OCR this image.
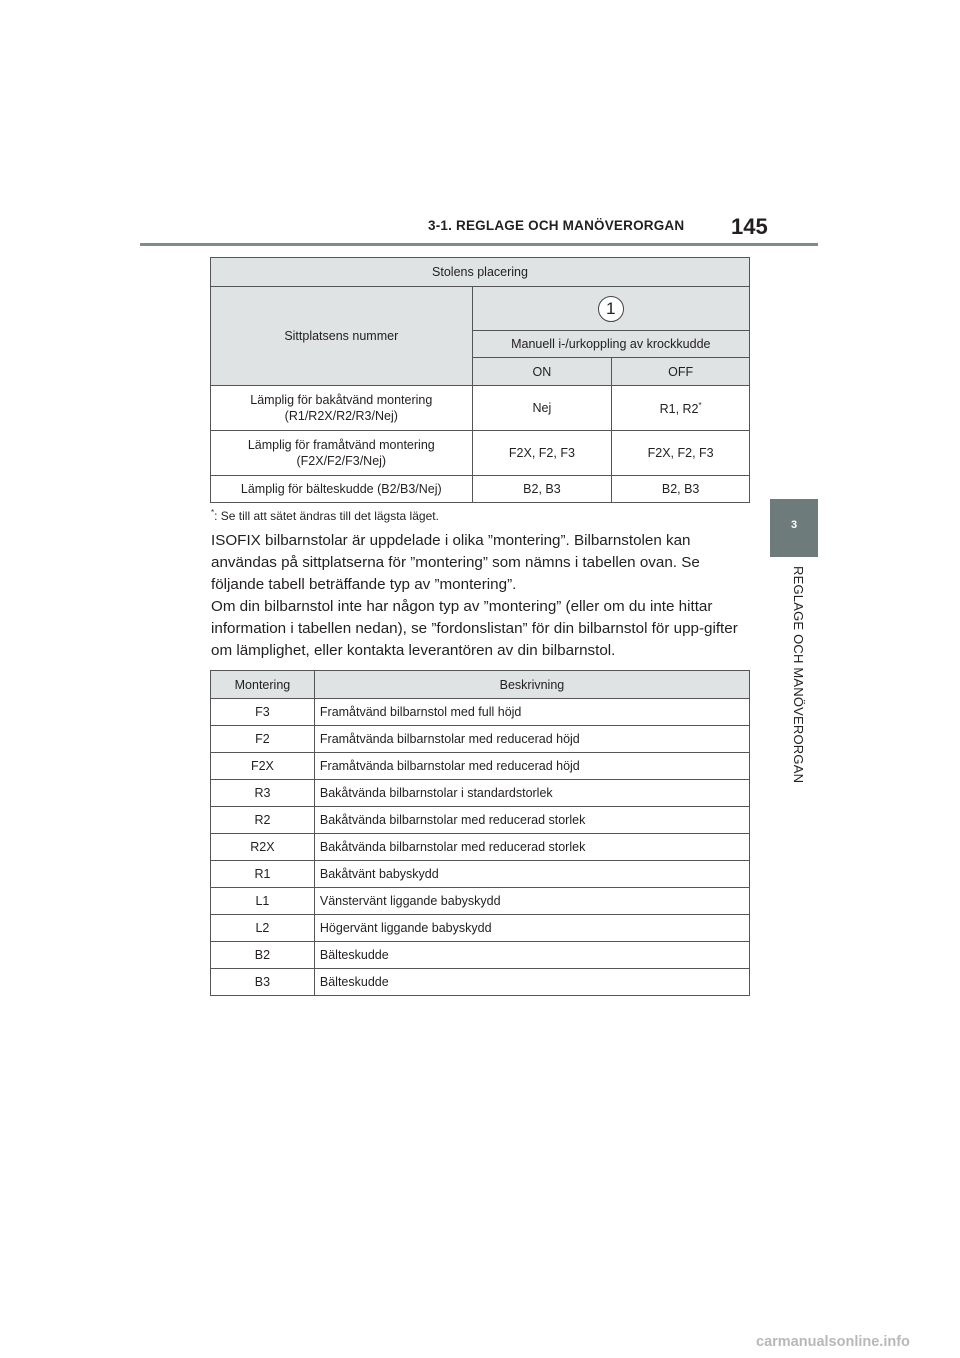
3-1. REGLAGE OCH MANÖVERORGAN 145
3
REGLAGE OCH MANÖVERORGAN
Stolens placering		
Sittplatsens nummer	1	
	Manuell i-/urkoppling av krockkudde	
	ON	OFF
Lämplig för bakåtvänd montering
(R1/R2X/R2/R3/Nej)	Nej	R1, R2*
Lämplig för framåtvänd montering
(F2X/F2/F3/Nej)	F2X, F2, F3	F2X, F2, F3
Lämplig för bälteskudde (B2/B3/Nej)	B2, B3	B2, B3
*: Se till att sätet ändras till det lägsta läget.

ISOFIX bilbarnstolar är uppdelade i olika ”montering”. Bilbarnstolen kan användas på sittplatserna för ”montering” som nämns i tabellen ovan. Se följande tabell beträffande typ av ”montering”.

Om din bilbarnstol inte har någon typ av ”montering” (eller om du inte hittar information i tabellen nedan), se ”fordonslistan” för din bilbarnstol för upp-gifter om lämplighet, eller kontakta leverantören av din bilbarnstol.

Montering	Beskrivning
F3	Framåtvänd bilbarnstol med full höjd
F2	Framåtvända bilbarnstolar med reducerad höjd
F2X	Framåtvända bilbarnstolar med reducerad höjd
R3	Bakåtvända bilbarnstolar i standardstorlek
R2	Bakåtvända bilbarnstolar med reducerad storlek
R2X	Bakåtvända bilbarnstolar med reducerad storlek
R1	Bakåtvänt babyskydd
L1	Vänstervänt liggande babyskydd
L2	Högervänt liggande babyskydd
B2	Bälteskudde
B3	Bälteskudde
carmanualsonline.info
